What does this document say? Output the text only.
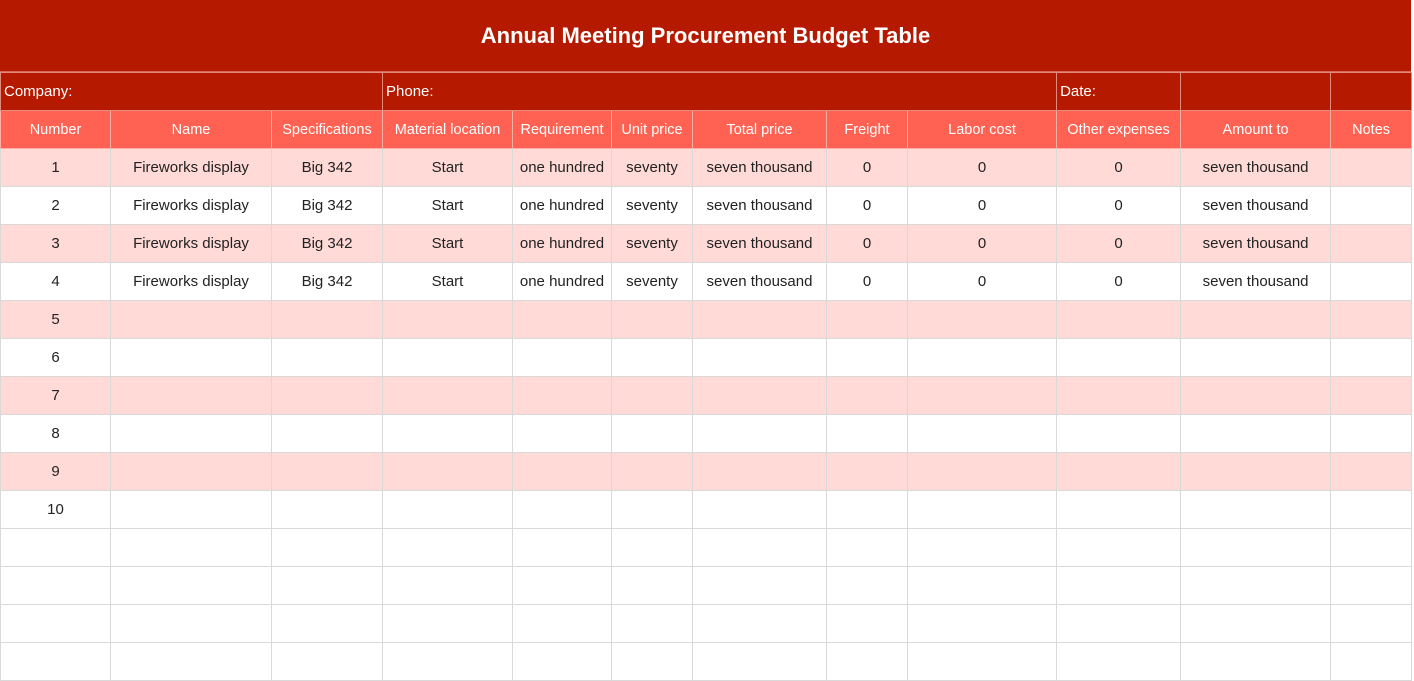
Annual Meeting Procurement Budget Table
Company:			Phone:						Date:		
Number	Name	Specifications	Material location	Requirement	Unit price	Total price	Freight	Labor cost	Other expenses	Amount to	Notes
1	Fireworks display	Big 342	Start	one hundred	seventy	seven thousand	0	0	0	seven thousand	
2	Fireworks display	Big 342	Start	one hundred	seventy	seven thousand	0	0	0	seven thousand	
3	Fireworks display	Big 342	Start	one hundred	seventy	seven thousand	0	0	0	seven thousand	
4	Fireworks display	Big 342	Start	one hundred	seventy	seven thousand	0	0	0	seven thousand	
5											
6											
7											
8											
9											
10											
